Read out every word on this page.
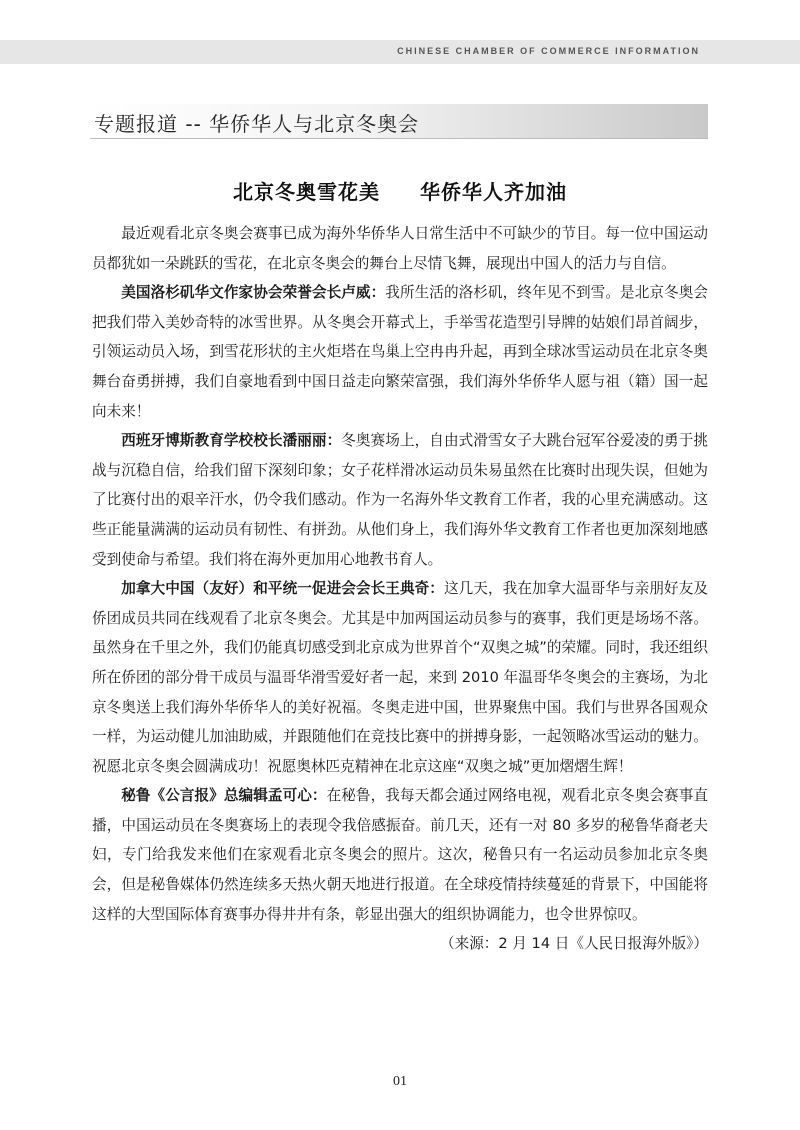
CHINESE CHAMBER OF COMMERCE INFORMATION
专题报道 -- 华侨华人与北京冬奥会
北京冬奥雪花美 华侨华人齐加油

最近观看北京冬奥会赛事已成为海外华侨华人日常生活中不可缺少的节目。每一位中国运动员都犹如一朵跳跃的雪花，在北京冬奥会的舞台上尽情飞舞，展现出中国人的活力与自信。

美国洛杉矶华文作家协会荣誉会长卢威：我所生活的洛杉矶，终年见不到雪。是北京冬奥会把我们带入美妙奇特的冰雪世界。从冬奥会开幕式上，手举雪花造型引导牌的姑娘们昂首阔步，引领运动员入场，到雪花形状的主火炬塔在鸟巢上空冉冉升起，再到全球冰雪运动员在北京冬奥舞台奋勇拼搏，我们自豪地看到中国日益走向繁荣富强，我们海外华侨华人愿与祖（籍）国一起向未来！

西班牙博斯教育学校校长潘丽丽：冬奥赛场上，自由式滑雪女子大跳台冠军谷爱凌的勇于挑战与沉稳自信，给我们留下深刻印象；女子花样滑冰运动员朱易虽然在比赛时出现失误，但她为了比赛付出的艰辛汗水，仍令我们感动。作为一名海外华文教育工作者，我的心里充满感动。这些正能量满满的运动员有韧性、有拼劲。从他们身上，我们海外华文教育工作者也更加深刻地感受到使命与希望。我们将在海外更加用心地教书育人。

加拿大中国（友好）和平统一促进会会长王典奇：这几天，我在加拿大温哥华与亲朋好友及侨团成员共同在线观看了北京冬奥会。尤其是中加两国运动员参与的赛事，我们更是场场不落。虽然身在千里之外，我们仍能真切感受到北京成为世界首个“双奥之城”的荣耀。同时，我还组织所在侨团的部分骨干成员与温哥华滑雪爱好者一起，来到 2010 年温哥华冬奥会的主赛场，为北京冬奥送上我们海外华侨华人的美好祝福。冬奥走进中国，世界聚焦中国。我们与世界各国观众一样，为运动健儿加油助威，并跟随他们在竞技比赛中的拼搏身影，一起领略冰雪运动的魅力。祝愿北京冬奥会圆满成功！祝愿奥林匹克精神在北京这座“双奥之城”更加熠熠生辉！

秘鲁《公言报》总编辑孟可心：在秘鲁，我每天都会通过网络电视，观看北京冬奥会赛事直播，中国运动员在冬奥赛场上的表现令我倍感振奋。前几天，还有一对 80 多岁的秘鲁华裔老夫妇，专门给我发来他们在家观看北京冬奥会的照片。这次，秘鲁只有一名运动员参加北京冬奥会，但是秘鲁媒体仍然连续多天热火朝天地进行报道。在全球疫情持续蔓延的背景下，中国能将这样的大型国际体育赛事办得井井有条，彰显出强大的组织协调能力，也令世界惊叹。

（来源：2 月 14 日《人民日报海外版》）

01
